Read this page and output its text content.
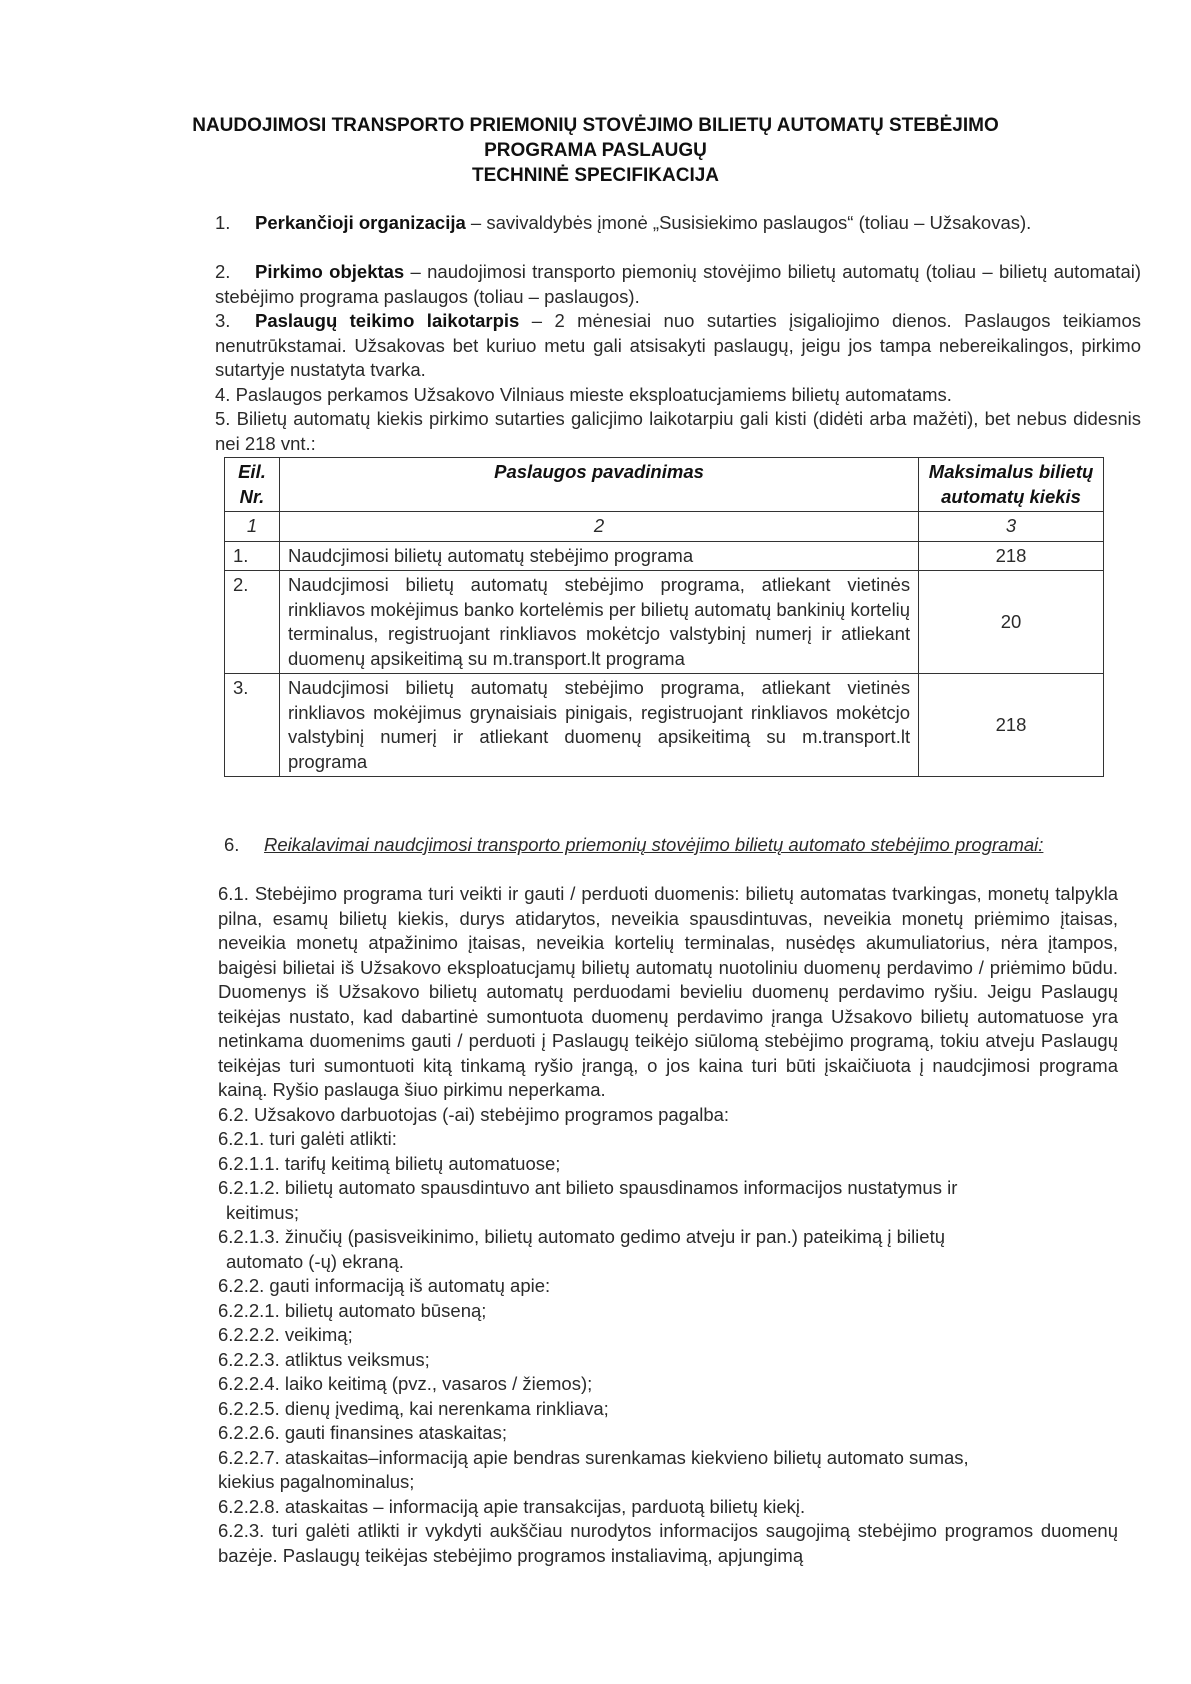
NAUDOJIMOSI TRANSPORTO PRIEMONIŲ STOVĖJIMO BILIETŲ AUTOMATŲ STEBĖJIMO
PROGRAMA PASLAUGŲ
TECHNINĖ SPECIFIKACIJA
1. Perkančioji organizacija – savivaldybės įmonė „Susisiekimo paslaugos“ (toliau – Užsakovas).
2. Pirkimo objektas – naudojimosi transporto piemonių stovėjimo bilietų automatų (toliau – bilietų automatai) stebėjimo programa paslaugos (toliau – paslaugos).
3. Paslaugų teikimo laikotarpis – 2 mėnesiai nuo sutarties įsigaliojimo dienos. Paslaugos teikiamos nenutrūkstamai. Užsakovas bet kuriuo metu gali atsisakyti paslaugų, jeigu jos tampa nebereikalingos, pirkimo sutartyje nustatyta tvarka.
4. Paslaugos perkamos Užsakovo Vilniaus mieste eksploatucjamiems bilietų automatams.
5. Bilietų automatų kiekis pirkimo sutarties galicjimo laikotarpiu gali kisti (didėti arba mažėti), bet nebus didesnis nei 218 vnt.:
Eil. Nr.	Paslaugos pavadinimas	Maksimalus bilietų automatų kiekis
1	2	3
1.	Naudcjimosi bilietų automatų stebėjimo programa	218
2.	Naudcjimosi bilietų automatų stebėjimo programa, atliekant vietinės rinkliavos mokėjimus banko kortelėmis per bilietų automatų bankinių kortelių terminalus, registruojant rinkliavos mokėtcjo valstybinį numerį ir atliekant duomenų apsikeitimą su m.transport.lt programa	20
3.	Naudcjimosi bilietų automatų stebėjimo programa, atliekant vietinės rinkliavos mokėjimus grynaisiais pinigais, registruojant rinkliavos mokėtcjo valstybinį numerį ir atliekant duomenų apsikeitimą su m.transport.lt programa	218
6. Reikalavimai naudcjimosi transporto priemonių stovėjimo bilietų automato stebėjimo programai:
6.1. Stebėjimo programa turi veikti ir gauti / perduoti duomenis: bilietų automatas tvarkingas, monetų talpykla pilna, esamų bilietų kiekis, durys atidarytos, neveikia spausdintuvas, neveikia monetų priėmimo įtaisas, neveikia monetų atpažinimo įtaisas, neveikia kortelių terminalas, nusėdęs akumuliatorius, nėra įtampos, baigėsi bilietai iš Užsakovo eksploatucjamų bilietų automatų nuotoliniu duomenų perdavimo / priėmimo būdu. Duomenys iš Užsakovo bilietų automatų perduodami bevieliu duomenų perdavimo ryšiu. Jeigu Paslaugų teikėjas nustato, kad dabartinė sumontuota duomenų perdavimo įranga Užsakovo bilietų automatuose yra netinkama duomenims gauti / perduoti į Paslaugų teikėjo siūlomą stebėjimo programą, tokiu atveju Paslaugų teikėjas turi sumontuoti kitą tinkamą ryšio įrangą, o jos kaina turi būti įskaičiuota į naudcjimosi programa kainą. Ryšio paslauga šiuo pirkimu neperkama.
6.2. Užsakovo darbuotojas (-ai) stebėjimo programos pagalba:
6.2.1. turi galėti atlikti:
6.2.1.1. tarifų keitimą bilietų automatuose;
6.2.1.2. bilietų automato spausdintuvo ant bilieto spausdinamos informacijos nustatymus ir
keitimus;
6.2.1.3. žinučių (pasisveikinimo, bilietų automato gedimo atveju ir pan.) pateikimą į bilietų
automato (-ų) ekraną.
6.2.2. gauti informaciją iš automatų apie:
6.2.2.1. bilietų automato būseną;
6.2.2.2. veikimą;
6.2.2.3. atliktus veiksmus;
6.2.2.4. laiko keitimą (pvz., vasaros / žiemos);
6.2.2.5. dienų įvedimą, kai nerenkama rinkliava;
6.2.2.6. gauti finansines ataskaitas;
6.2.2.7. ataskaitas–informaciją apie bendras surenkamas kiekvieno bilietų automato sumas,
kiekius pagalnominalus;
6.2.2.8. ataskaitas – informaciją apie transakcijas, parduotą bilietų kiekį.
6.2.3. turi galėti atlikti ir vykdyti aukščiau nurodytos informacijos saugojimą stebėjimo programos duomenų bazėje. Paslaugų teikėjas stebėjimo programos instaliavimą, apjungimą
